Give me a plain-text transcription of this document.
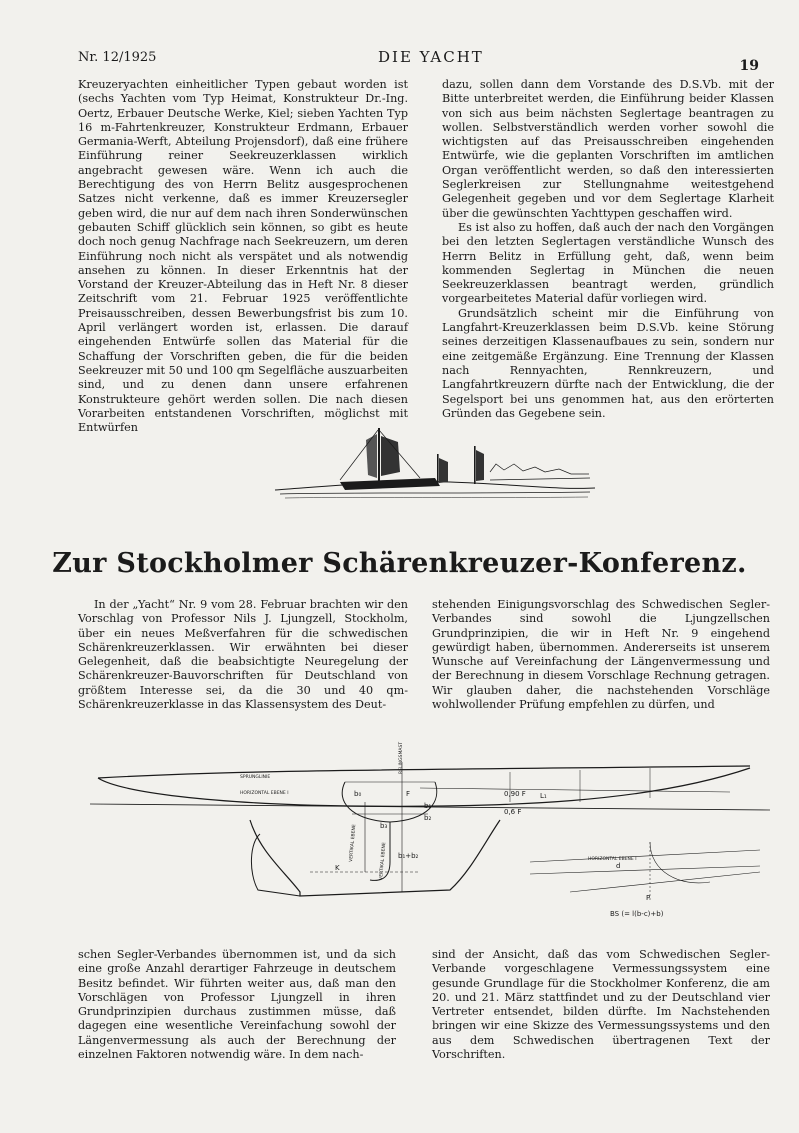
Nr. 12/1925	DIE YACHT	19

Kreuzeryachten einheitlicher Typen gebaut worden ist (sechs Yachten vom Typ Heimat, Konstrukteur Dr.-Ing. Oertz, Erbauer Deutsche Werke, Kiel; sieben Yachten Typ 16 m-Fahrtenkreuzer, Konstrukteur Erdmann, Erbauer Germania-Werft, Abteilung Projensdorf), daß eine frühere Einführung reiner Seekreuzerklassen wirklich angebracht gewesen wäre. Wenn ich auch die Berechtigung des von Herrn Belitz ausgesprochenen Satzes nicht verkenne, daß es immer Kreuzersegler geben wird, die nur auf dem nach ihren Sonderwünschen gebauten Schiff glücklich sein können, so gibt es heute doch noch genug Nachfrage nach Seekreuzern, um deren Einführung noch nicht als verspätet und als notwendig ansehen zu können. In dieser Erkenntnis hat der Vorstand der Kreuzer-Abteilung das in Heft Nr. 8 dieser Zeitschrift vom 21. Februar 1925 veröffentlichte Preisausschreiben, dessen Bewerbungsfrist bis zum 10. April verlängert worden ist, erlassen. Die darauf eingehenden Entwürfe sollen das Material für die Schaffung der Vorschriften geben, die für die beiden Seekreuzer mit 50 und 100 qm Segelfläche auszuarbeiten sind, und zu denen dann unsere erfahrenen Konstrukteure gehört werden sollen. Die nach diesen Vorarbeiten entstandenen Vorschriften, möglichst mit Entwürfen

dazu, sollen dann dem Vorstande des D.S.Vb. mit der Bitte unterbreitet werden, die Einführung beider Klassen von sich aus beim nächsten Seglertage beantragen zu wollen. Selbstverständlich werden vorher sowohl die wichtigsten auf das Preisausschreiben eingehenden Entwürfe, wie die geplanten Vorschriften im amtlichen Organ veröffentlicht werden, so daß den interessierten Seglerkreisen zur Stellungnahme weitestgehend Gelegenheit gegeben und vor dem Seglertage Klarheit über die gewünschten Yachttypen geschaffen wird.

Es ist also zu hoffen, daß auch der nach den Vorgängen bei den letzten Seglertagen verständliche Wunsch des Herrn Belitz in Erfüllung geht, daß, wenn beim kommenden Seglertag in München die neuen Seekreuzerklassen beantragt werden, gründlich vorgearbeitetes Material dafür vorliegen wird.

Grundsätzlich scheint mir die Einführung von Langfahrt-Kreuzerklassen beim D.S.Vb. keine Störung seines derzeitigen Klassenaufbaues zu sein, sondern nur eine zeitgemäße Ergänzung. Eine Trennung der Klassen nach Rennyachten, Rennkreuzern, und Langfahrtkreuzern dürfte nach der Entwicklung, die der Segelsport bei uns genommen hat, aus den erörterten Gründen das Gegebene sein.

Zur Stockholmer Schärenkreuzer-Konferenz.

In der „Yacht“ Nr. 9 vom 28. Februar brachten wir den Vorschlag von Professor Nils J. Ljungzell, Stockholm, über ein neues Meßverfahren für die schwedischen Schärenkreuzerklassen. Wir erwähnten bei dieser Gelegenheit, daß die beabsichtigte Neuregelung der Schärenkreuzer-Bauvorschriften für Deutschland von größtem Interesse sei, da die 30 und 40 qm-Schärenkreuzerklasse in das Klassensystem des Deut-

stehenden Einigungsvorschlag des Schwedischen Segler-Verbandes sind sowohl die Ljungzellschen Grundprinzipien, die wir in Heft Nr. 9 eingehend gewürdigt haben, übernommen. Andererseits ist unserem Wunsche auf Vereinfachung der Längenvermessung und der Berechnung in diesem Vorschlage Rechnung getragen. Wir glauben daher, die nachstehenden Vorschläge wohlwollender Prüfung empfehlen zu dürfen, und

SPRUNGLINIE
HORIZONTAL EBENE I
RELINGSMAST
VERTIKAL EBENE	VERTIKAL EBENE	HORIZONTAL EBENE I
F
b₀
b₁
b₂
b₃
b₁+b₂
K
L₁
0,90 F
0,6 F
d
P
BS (= l(b-c)+b)

schen Segler-Verbandes übernommen ist, und da sich eine große Anzahl derartiger Fahrzeuge in deutschem Besitz befindet. Wir führten weiter aus, daß man den Vorschlägen von Professor Ljungzell in ihren Grundprinzipien durchaus zustimmen müsse, daß dagegen eine wesentliche Vereinfachung sowohl der Längenvermessung als auch der Berechnung der einzelnen Faktoren notwendig wäre. In dem nach-

sind der Ansicht, daß das vom Schwedischen Segler-Verbande vorgeschlagene Vermessungssystem eine gesunde Grundlage für die Stockholmer Konferenz, die am 20. und 21. März stattfindet und zu der Deutschland vier Vertreter entsendet, bilden dürfte. Im Nachstehenden bringen wir eine Skizze des Vermessungssystems und den aus dem Schwedischen übertragenen Text der Vorschriften.
